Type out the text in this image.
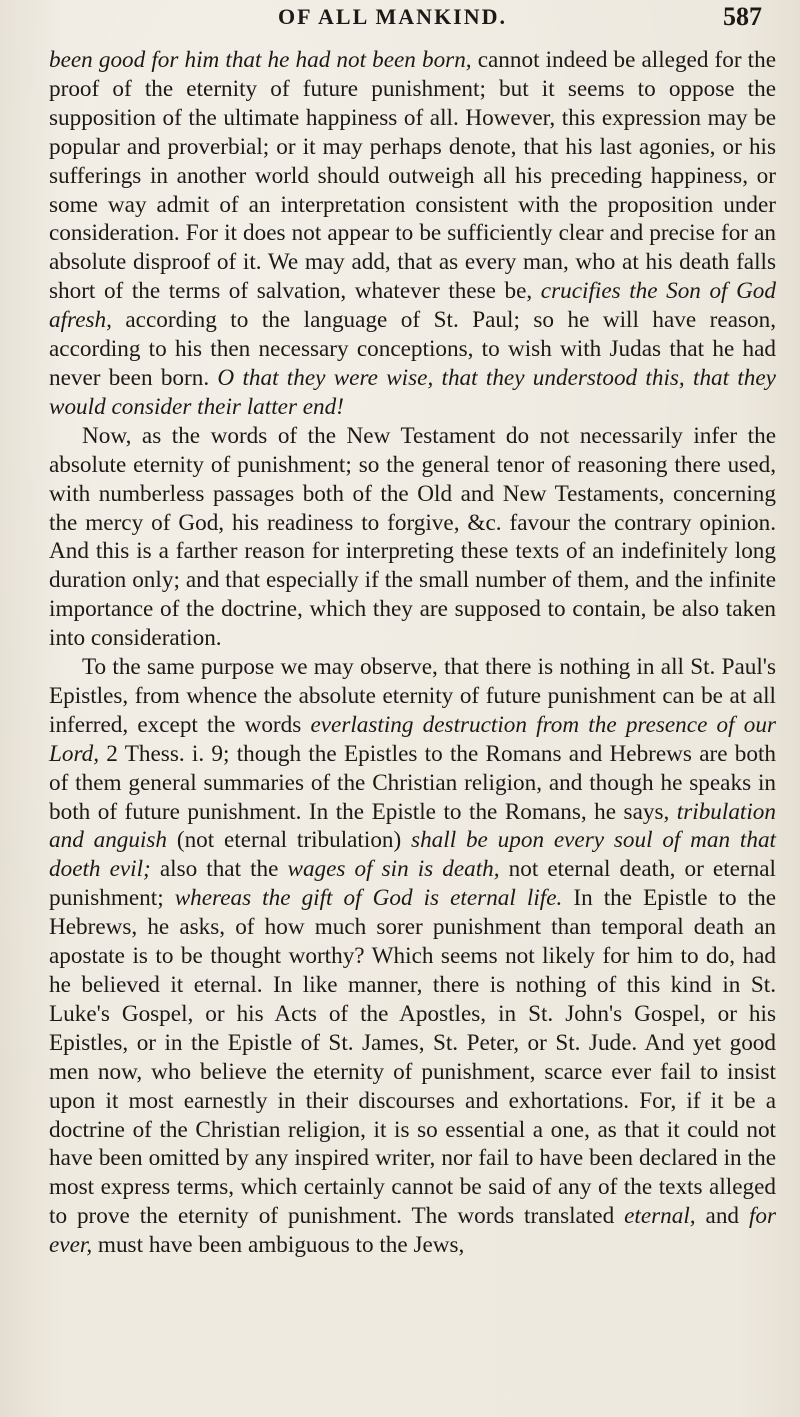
OF ALL MANKIND.	587

been good for him that he had not been born, cannot indeed be alleged for the proof of the eternity of future punishment; but it seems to oppose the supposition of the ultimate happiness of all. However, this expression may be popular and proverbial; or it may perhaps denote, that his last agonies, or his sufferings in another world should outweigh all his preceding happiness, or some way admit of an interpretation consistent with the proposition under consideration. For it does not appear to be sufficiently clear and precise for an absolute disproof of it. We may add, that as every man, who at his death falls short of the terms of salvation, whatever these be, crucifies the Son of God afresh, according to the language of St. Paul; so he will have reason, according to his then necessary conceptions, to wish with Judas that he had never been born. O that they were wise, that they understood this, that they would consider their latter end!

Now, as the words of the New Testament do not necessarily infer the absolute eternity of punishment; so the general tenor of reasoning there used, with numberless passages both of the Old and New Testaments, concerning the mercy of God, his readiness to forgive, &c. favour the contrary opinion. And this is a farther reason for interpreting these texts of an indefinitely long duration only; and that especially if the small number of them, and the infinite importance of the doctrine, which they are supposed to contain, be also taken into consideration.

To the same purpose we may observe, that there is nothing in all St. Paul's Epistles, from whence the absolute eternity of future punishment can be at all inferred, except the words everlasting destruction from the presence of our Lord, 2 Thess. i. 9; though the Epistles to the Romans and Hebrews are both of them general summaries of the Christian religion, and though he speaks in both of future punishment. In the Epistle to the Romans, he says, tribulation and anguish (not eternal tribulation) shall be upon every soul of man that doeth evil; also that the wages of sin is death, not eternal death, or eternal punishment; whereas the gift of God is eternal life. In the Epistle to the Hebrews, he asks, of how much sorer punishment than temporal death an apostate is to be thought worthy? Which seems not likely for him to do, had he believed it eternal. In like manner, there is nothing of this kind in St. Luke's Gospel, or his Acts of the Apostles, in St. John's Gospel, or his Epistles, or in the Epistle of St. James, St. Peter, or St. Jude. And yet good men now, who believe the eternity of punishment, scarce ever fail to insist upon it most earnestly in their discourses and exhortations. For, if it be a doctrine of the Christian religion, it is so essential a one, as that it could not have been omitted by any inspired writer, nor fail to have been declared in the most express terms, which certainly cannot be said of any of the texts alleged to prove the eternity of punishment. The words translated eternal, and for ever, must have been ambiguous to the Jews,
